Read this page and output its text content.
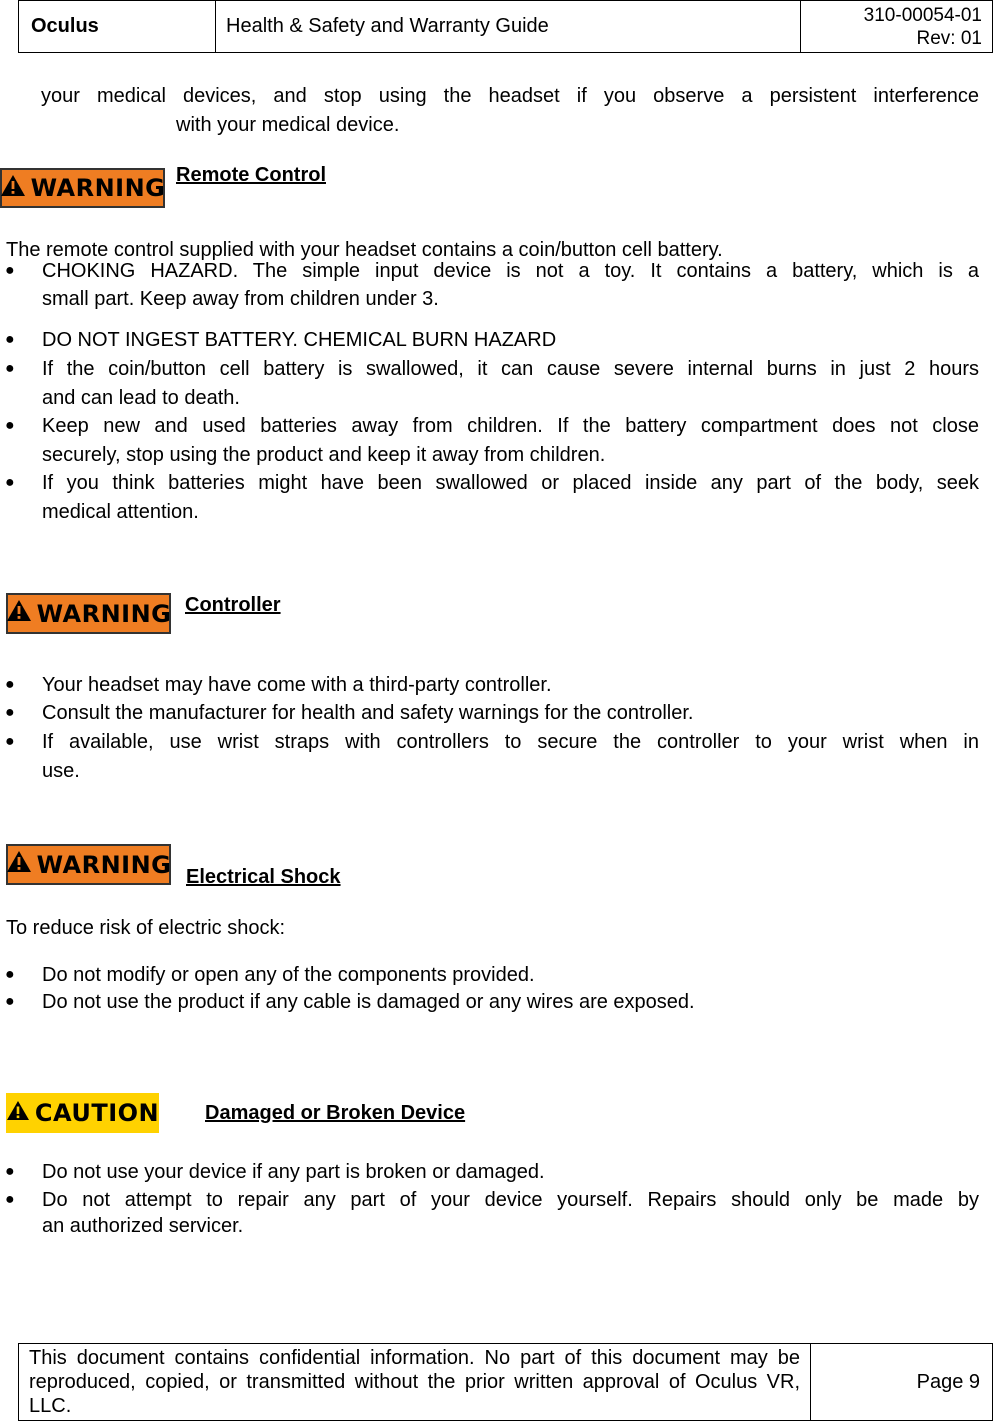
Oculus	Health & Safety and Warranty Guide	310-00054-01
Rev: 01
your medical devices, and stop using the headset if you observe a persistent interference
with your medical device.
WARNING Remote Control
The remote control supplied with your headset contains a coin/button cell battery.
● CHOKING HAZARD. The simple input device is not a toy. It contains a battery, which is a
small part. Keep away from children under 3.
● DO NOT INGEST BATTERY. CHEMICAL BURN HAZARD
● If the coin/button cell battery is swallowed, it can cause severe internal burns in just 2 hours
and can lead to death.
● Keep new and used batteries away from children. If the battery compartment does not close
securely, stop using the product and keep it away from children.
● If you think batteries might have been swallowed or placed inside any part of the body, seek
medical attention.
WARNING Controller
● Your headset may have come with a third-party controller.
● Consult the manufacturer for health and safety warnings for the controller.
● If available, use wrist straps with controllers to secure the controller to your wrist when in
use.
WARNING Electrical Shock
To reduce risk of electric shock:
● Do not modify or open any of the components provided.
● Do not use the product if any cable is damaged or any wires are exposed.
CAUTION Damaged or Broken Device
● Do not use your device if any part is broken or damaged.
● Do not attempt to repair any part of your device yourself. Repairs should only be made by
an authorized servicer.
This document contains confidential information. No part of this document may be reproduced, copied, or transmitted without the prior written approval of Oculus VR, LLC.
Page 9
